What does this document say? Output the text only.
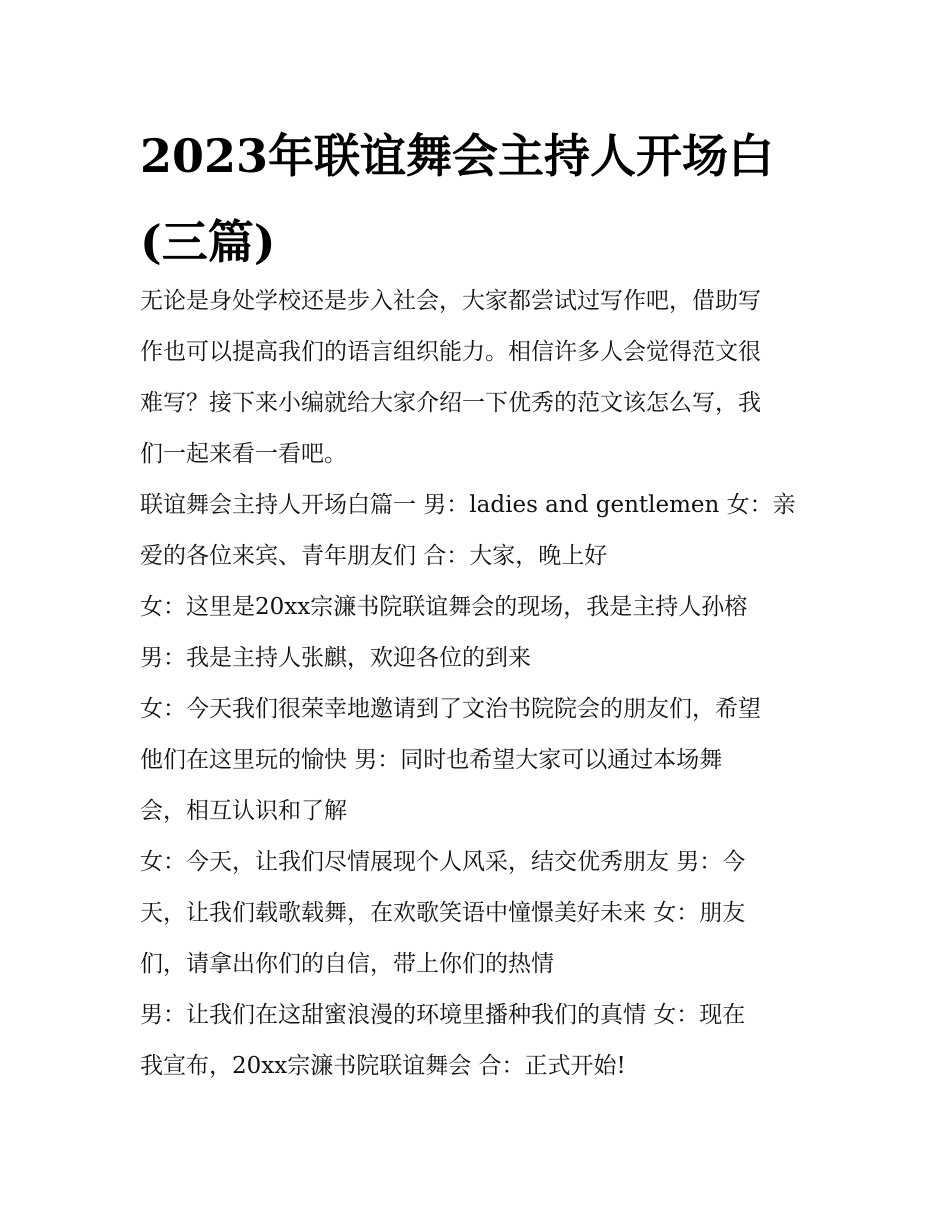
2023年联谊舞会主持人开场白
(三篇)
无论是身处学校还是步入社会，大家都尝试过写作吧，借助写
作也可以提高我们的语言组织能力。相信许多人会觉得范文很
难写？接下来小编就给大家介绍一下优秀的范文该怎么写，我
们一起来看一看吧。
联谊舞会主持人开场白篇一 男：ladies and gentlemen 女：亲
爱的各位来宾、青年朋友们 合：大家，晚上好
女：这里是20xx宗濂书院联谊舞会的现场，我是主持人孙榕
男：我是主持人张麒，欢迎各位的到来
女：今天我们很荣幸地邀请到了文治书院院会的朋友们，希望
他们在这里玩的愉快 男：同时也希望大家可以通过本场舞
会，相互认识和了解
女：今天，让我们尽情展现个人风采，结交优秀朋友 男：今
天，让我们载歌载舞，在欢歌笑语中憧憬美好未来 女：朋友
们，请拿出你们的自信，带上你们的热情
男：让我们在这甜蜜浪漫的环境里播种我们的真情 女：现在
我宣布，20xx宗濂书院联谊舞会 合：正式开始!
